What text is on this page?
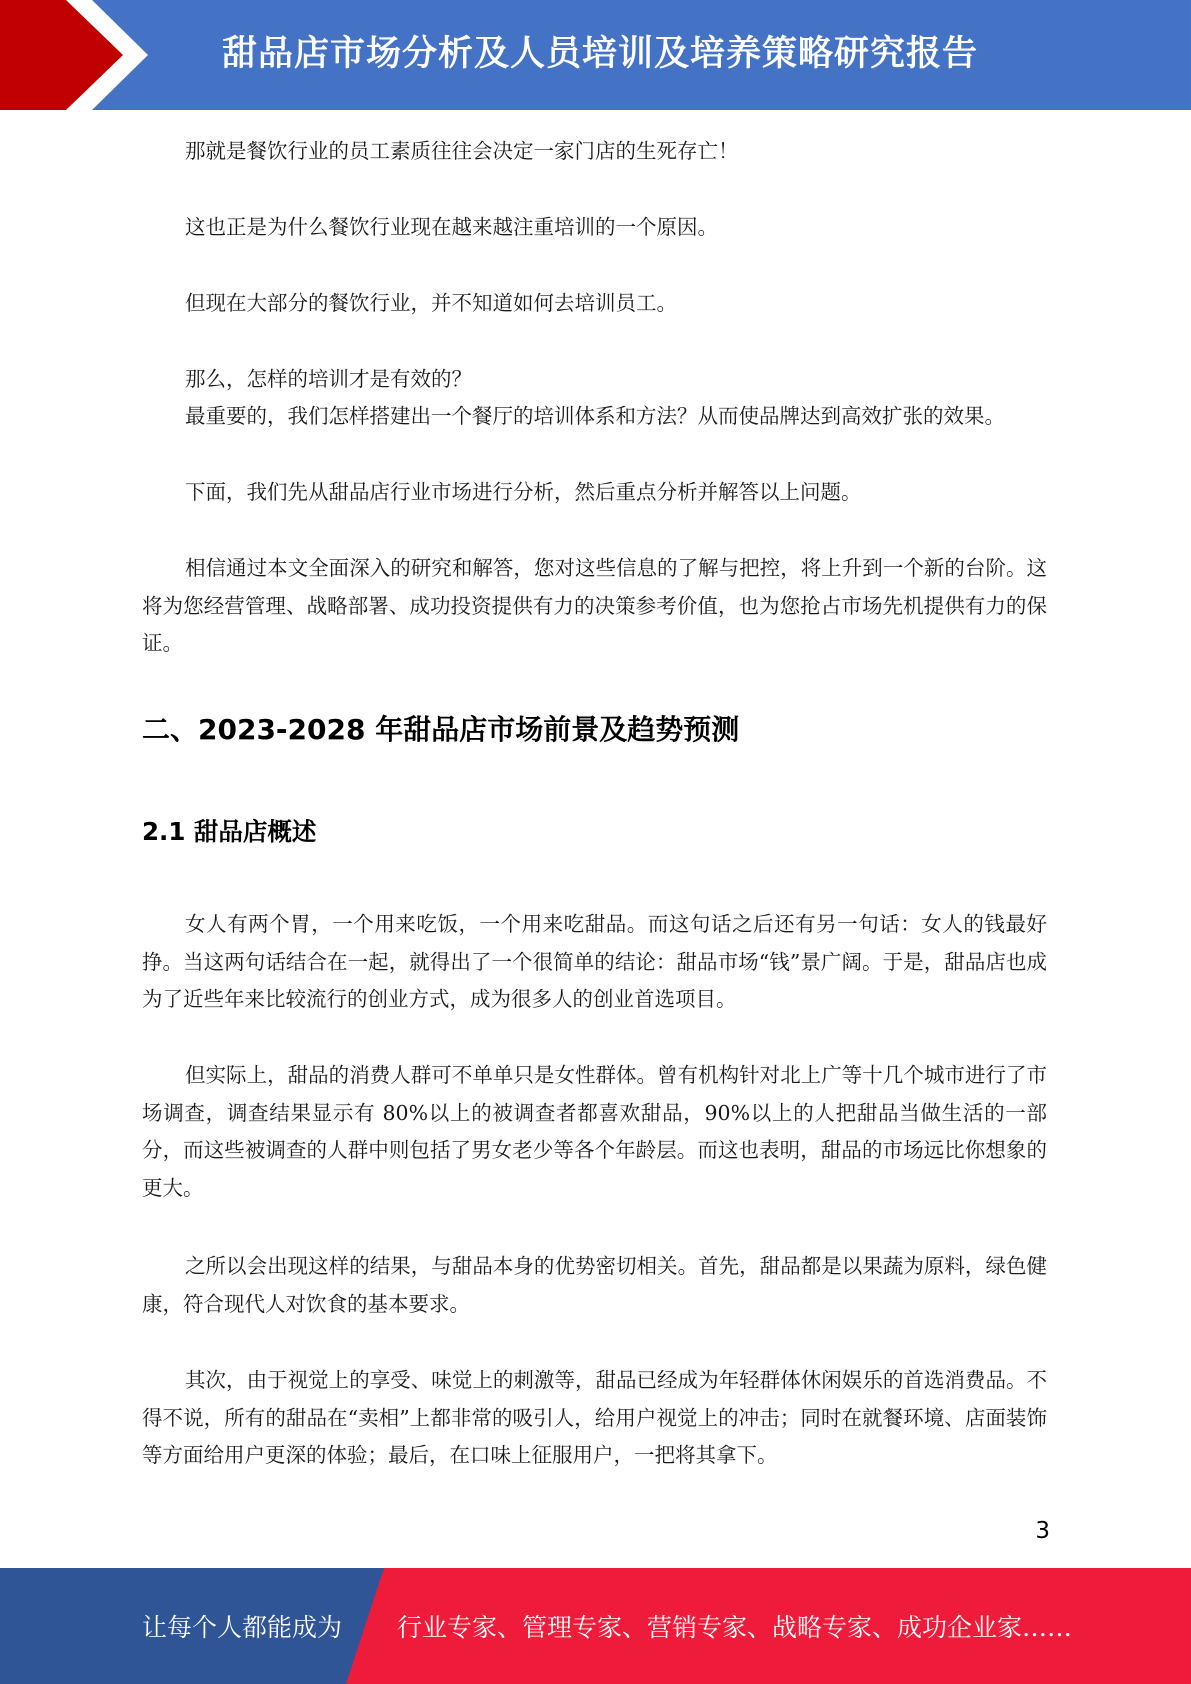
甜品店市场分析及人员培训及培养策略研究报告

那就是餐饮行业的员工素质往往会决定一家门店的生死存亡！

这也正是为什么餐饮行业现在越来越注重培训的一个原因。

但现在大部分的餐饮行业，并不知道如何去培训员工。

那么，怎样的培训才是有效的？

最重要的，我们怎样搭建出一个餐厅的培训体系和方法？从而使品牌达到高效扩张的效果。

下面，我们先从甜品店行业市场进行分析，然后重点分析并解答以上问题。

相信通过本文全面深入的研究和解答，您对这些信息的了解与把控，将上升到一个新的台阶。这将为您经营管理、战略部署、成功投资提供有力的决策参考价值，也为您抢占市场先机提供有力的保证。

二、2023-2028 年甜品店市场前景及趋势预测
2.1 甜品店概述

女人有两个胃，一个用来吃饭，一个用来吃甜品。而这句话之后还有另一句话：女人的钱最好挣。当这两句话结合在一起，就得出了一个很简单的结论：甜品市场“钱”景广阔。于是，甜品店也成为了近些年来比较流行的创业方式，成为很多人的创业首选项目。

但实际上，甜品的消费人群可不单单只是女性群体。曾有机构针对北上广等十几个城市进行了市场调查，调查结果显示有 80%以上的被调查者都喜欢甜品，90%以上的人把甜品当做生活的一部分，而这些被调查的人群中则包括了男女老少等各个年龄层。而这也表明，甜品的市场远比你想象的更大。

之所以会出现这样的结果，与甜品本身的优势密切相关。首先，甜品都是以果蔬为原料，绿色健康，符合现代人对饮食的基本要求。

其次，由于视觉上的享受、味觉上的刺激等，甜品已经成为年轻群体休闲娱乐的首选消费品。不得不说，所有的甜品在“卖相”上都非常的吸引人，给用户视觉上的冲击；同时在就餐环境、店面装饰等方面给用户更深的体验；最后，在口味上征服用户，一把将其拿下。

3
让每个人都能成为 行业专家、管理专家、营销专家、战略专家、成功企业家……
